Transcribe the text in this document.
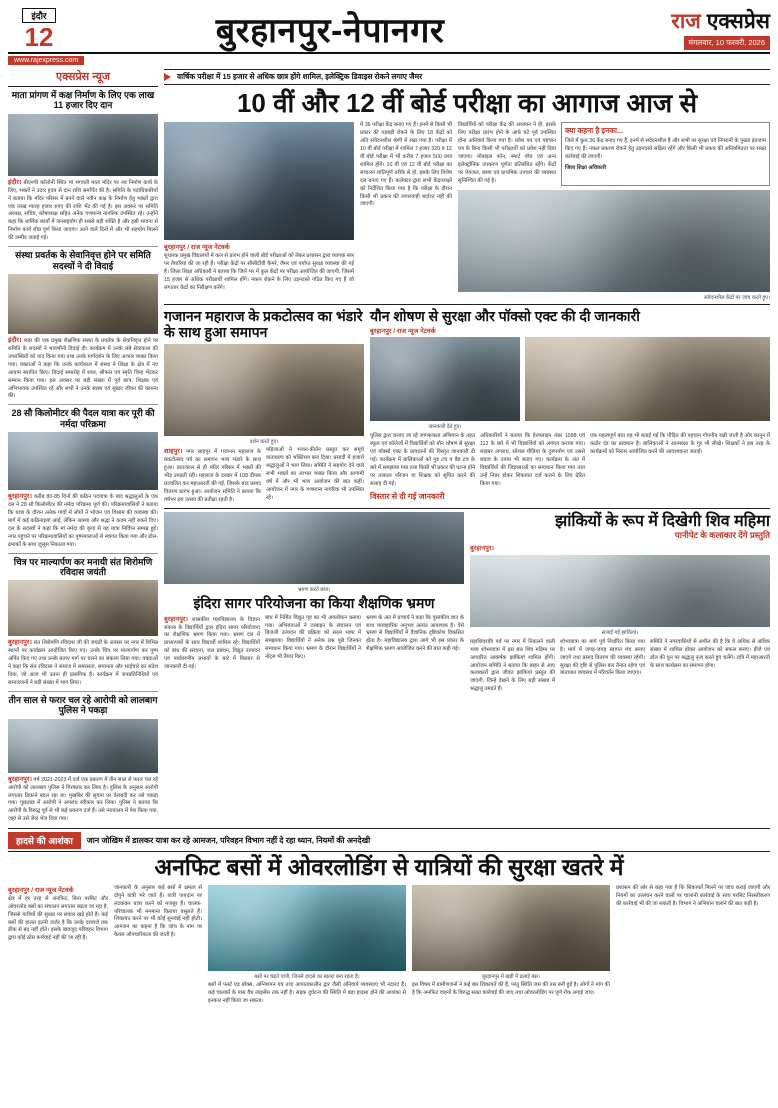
इंदौर
12	बुरहानपुर-नेपानगर	राज एक्सप्रेस
मंगलवार, 10 फरवरी, 2026
www.rajexpress.com
एक्सप्रेस न्यूज
माता प्रांगण में कक्ष निर्माण के लिए एक लाख 11 हजार दिए दान
इंदौर। बीएनपी कॉलोनी स्थित मां भगवती माता मंदिर पर नव निर्माण कार्य के लिए, भक्तों ने उदार हृदय से दान राशि समर्पित की है। समिति के पदाधिकारियों ने बताया कि मंदिर परिसर में बनने वाले नवीन कक्ष के निर्माण हेतु भक्तों द्वारा एक लाख ग्यारह हजार रुपए की राशि भेंट की गई है। इस अवसर पर समिति अध्यक्ष, सचिव, कोषाध्यक्ष सहित अनेक गणमान्य नागरिक उपस्थित रहे। उन्होंने कहा कि धार्मिक कार्यों में जनसहयोग ही सबसे बड़ी शक्ति है और इसी भावना से निर्माण कार्य शीघ्र पूर्ण किया जाएगा। आने वाले दिनों में और भी सहयोग मिलने की उम्मीद जताई गई।
संस्था प्रवर्तक के सेवानिवृत्त होने पर समिति सदस्यों ने दी विदाई
इंदौर। शहर की एक प्रमुख शैक्षणिक संस्था के प्रवर्तक के सेवानिवृत्त होने पर समिति के सदस्यों ने भावभीनी विदाई दी। कार्यक्रम में उनके लंबे सेवाकाल की उपलब्धियों को याद किया गया तथा उनके मार्गदर्शन के लिए आभार व्यक्त किया गया। वक्ताओं ने कहा कि उनके कार्यकाल में संस्था ने शिक्षा के क्षेत्र में नए आयाम स्थापित किए। विदाई समारोह में शाल, श्रीफल एवं स्मृति चिन्ह भेंटकर सम्मान किया गया। इस अवसर पर बड़ी संख्या में पूर्व छात्र, शिक्षक एवं अभिभावक उपस्थित रहे और सभी ने उनके स्वस्थ एवं सुखद जीवन की कामना की।
28 सौ किलोमीटर की पैदल यात्रा कर पूरी की नर्मदा परिक्रमा
बुरहानपुर। करीब 80-85 दिनों की कठिन पदयात्रा के बाद श्रद्धालुओं के एक दल ने 28 सौ किलोमीटर की नर्मदा परिक्रमा पूर्ण की। परिक्रमावासियों ने बताया कि यात्रा के दौरान अनेक गांवों में लोगों ने भोजन एवं विश्राम की व्यवस्था की। मार्ग में कई कठिनाइयां आईं, लेकिन आस्था और श्रद्धा ने कदम नहीं रुकने दिए। दल के सदस्यों ने कहा कि मां नर्मदा की कृपा से यह यात्रा निर्विघ्न सम्पन्न हुई। नगर पहुंचने पर परिक्रमावासियों का पुष्पमालाओं से स्वागत किया गया और ढोल-ढमाकों के साथ जुलूस निकाला गया।
चित्र पर माल्यार्पण कर मनायी संत शिरोमणि रविदास जयंती
बुरहानपुर। संत शिरोमणि रविदास जी की जयंती के अवसर पर नगर में विभिन्न स्थानों पर कार्यक्रम आयोजित किए गए। उनके चित्र पर माल्यार्पण कर पुष्प अर्पित किए गए तथा उनके बताए मार्ग पर चलने का संकल्प लिया गया। वक्ताओं ने कहा कि संत रविदास ने समाज में समरसता, समानता और भाईचारे का संदेश दिया, जो आज भी उतना ही प्रासंगिक है। कार्यक्रम में जनप्रतिनिधियों एवं समाजजनों ने बड़ी संख्या में भाग लिया।
तीन साल से फरार चल रहे आरोपी को लालबाग पुलिस ने पकड़ा
बुरहानपुर। वर्ष 2021-2023 में दर्ज एक प्रकरण में तीन साल से फरार चल रहे आरोपी को लालबाग पुलिस ने गिरफ्तार कर लिया है। पुलिस के अनुसार आरोपी लगातार ठिकाने बदल रहा था। मुखबिर की सूचना पर घेराबंदी कर उसे पकड़ा गया। पूछताछ में आरोपी ने अपराध स्वीकार कर लिया। पुलिस ने बताया कि आरोपी के विरुद्ध पूर्व से भी कई प्रकरण दर्ज हैं। उसे न्यायालय में पेश किया गया, जहां से उसे जेल भेज दिया गया।
वार्षिक परीक्षा में 15 हजार से अधिक छात्र होंगे शामिल, इलेक्ट्रिक डिवाइस रोकने लगाए जैमर
10 वीं और 12 वीं बोर्ड परीक्षा का आगाज आज से
बुरहानपुर / राज न्यूज नेटवर्क
सुधारक प्रमुख विद्यालयों में कल से प्रारंभ होने वाली बोर्ड परीक्षाओं को लेकर प्रशासन द्वारा व्यापक स्तर पर तैयारियां की जा रही हैं। परीक्षा केंद्रों पर सीसीटीवी कैमरे, जैमर एवं पर्याप्त सुरक्षा व्यवस्था की गई है। जिला शिक्षा अधिकारी ने बताया कि जिले भर में कुल केंद्रों पर परीक्षा आयोजित की जाएगी, जिसमें 15 हजार से अधिक परीक्षार्थी शामिल होंगे। नकल रोकने के लिए उड़नदस्ते गठित किए गए हैं जो लगातार केंद्रों का निरीक्षण करेंगे।
में 36 परीक्षा केंद्र बनाए गए हैं। इनमें से किसी भी प्रकार की गड़बड़ी रोकने के लिए 18 केंद्रों को अति संवेदनशील श्रेणी में रखा गया है। परीक्षा में 10 वीं बोर्ड परीक्षा में शामिल 7 हजार 320 व 12 वीं बोर्ड परीक्षा में भी करीब 7 हजार 500 छात्र शामिल होंगे। 10 वीं एवं 12 वीं बोर्ड परीक्षा का संचालन शांतिपूर्ण तरीके से हो, इसके लिए विशेष दल बनाए गए हैं। कलेक्टर द्वारा सभी केंद्राध्यक्षों को निर्देशित किया गया है कि परीक्षा के दौरान किसी भी प्रकार की लापरवाही बर्दाश्त नहीं की जाएगी।
विद्यार्थियों को परीक्षा केंद्र की अध्ययन ने ही, इसके लिए परीक्षा प्रारंभ होने के आधे घंटे पूर्व उपस्थित होना अनिवार्य किया गया है। प्रवेश पत्र एवं पहचान पत्र के बिना किसी भी परीक्षार्थी को प्रवेश नहीं दिया जाएगा। मोबाइल फोन, स्मार्ट वॉच एवं अन्य इलेक्ट्रॉनिक उपकरण पूर्णतः प्रतिबंधित रहेंगे। केंद्रों पर पेयजल, छाया एवं प्राथमिक उपचार की व्यवस्था सुनिश्चित की गई है।
क्या कहना है इनका...
जिले में कुल 36 केंद्र बनाए गए हैं, इनमें से संवेदनशील हैं और सभी पर सुरक्षा एवं निगरानी के पुख्ता इंतजाम किए गए हैं। नकल प्रकरण रोकने हेतु उड़नदस्ते सक्रिय रहेंगे और किसी भी प्रकार की अनियमितता पर सख्त कार्रवाई की जाएगी।
जिला शिक्षा अधिकारी
संवेदनशील केंद्रों पर जांच करते हुए।
गजानन महाराज के प्रकटोत्सव का भंडारे के साथ हुआ समापन
दर्शन करते हुए।
शाहपुर। नगर साहपुर में गजानन महाराज के प्रकटोत्सव पर्व का समापन भव्य भंडारे के साथ हुआ। प्रातःकाल से ही मंदिर परिसर में भक्तों की भीड़ उमड़ती रही। महाराज के दरबार में 108 दीपक प्रज्वलित कर महाआरती की गई, जिसके बाद प्रसाद वितरण प्रारंभ हुआ। आयोजन समिति ने बताया कि वर्षभर इस उत्सव की प्रतीक्षा रहती है।
महिलाओं ने भजन-कीर्तन प्रस्तुत कर समूचे वातावरण को भक्तिमय बना दिया। प्रसादी में हजारों श्रद्धालुओं ने भाग लिया। समिति ने सहयोग देने वाले सभी भक्तों का आभार व्यक्त किया और आगामी वर्ष में और भी भव्य आयोजन की बात कही। आयोजन में नगर के गणमान्य नागरिक भी उपस्थित रहे।
यौन शोषण से सुरक्षा और पॉक्सो एक्ट की दी जानकारी
बुरहानपुर / राज न्यूज नेटवर्क
जानकारी देते हुए।
पुलिस द्वारा चलाए जा रहे जागरूकता अभियान के तहत स्कूल एवं कॉलेजों में विद्यार्थियों को यौन शोषण से सुरक्षा एवं पॉक्सो एक्ट के प्रावधानों की विस्तृत जानकारी दी गई। कार्यक्रम में बालिकाओं को गुड टच व बैड टच के बारे में समझाया गया तथा किसी भी प्रकार की घटना होने पर तत्काल परिजन या शिक्षक को सूचित करने की सलाह दी गई।
विस्तार से दी गई जानकारी
अधिकारियों ने बताया कि हेल्पलाइन नंबर 1098 एवं 112 के बारे में भी विद्यार्थियों को अवगत कराया गया। साइबर अपराध, सोशल मीडिया के दुरुपयोग एवं उससे बचाव के उपाय भी बताए गए। कार्यक्रम के अंत में विद्यार्थियों की जिज्ञासाओं का समाधान किया गया तथा उन्हें निडर होकर शिकायत दर्ज कराने के लिए प्रेरित किया गया।
एक महत्वपूर्ण बात यह भी बताई गई कि पीड़ित की पहचान गोपनीय रखी जाती है और कानून में कठोर दंड का प्रावधान है। बालिकाओं ने आत्मरक्षा के गुर भी सीखे। शिक्षकों ने इस तरह के कार्यक्रमों को निरंतर आयोजित करने की आवश्यकता जताई।
भ्रमण करते छात्र।
इंदिरा सागर परियोजना का किया शैक्षणिक भ्रमण
बुरहानपुर। शासकीय महाविद्यालय के विज्ञान संकाय के विद्यार्थियों द्वारा इंदिरा सागर परियोजना का शैक्षणिक भ्रमण किया गया। भ्रमण दल में प्राध्यापकों के साथ विद्यार्थी शामिल रहे। विद्यार्थियों को बांध की संरचना, जल प्रबंधन, विद्युत उत्पादन एवं पर्यावरणीय प्रभावों के बारे में विस्तार से जानकारी दी गई।
बांध में निर्मित विद्युत गृह का भी अवलोकन कराया गया। अभियंताओं ने टरबाइन के संचालन एवं बिजली उत्पादन की प्रक्रिया को सरल भाषा में समझाया। विद्यार्थियों ने अनेक प्रश्न पूछे जिनका समाधान किया गया। भ्रमण के दौरान विद्यार्थियों ने नोट्स भी तैयार किए।
भ्रमण के अंत में प्राचार्य ने कहा कि पुस्तकीय ज्ञान के साथ व्यावहारिक अनुभव अत्यंत आवश्यक है। ऐसे भ्रमण से विद्यार्थियों में वैज्ञानिक दृष्टिकोण विकसित होता है। महाविद्यालय द्वारा आगे भी इस प्रकार के शैक्षणिक भ्रमण आयोजित करने की बात कही गई।
झांकियों के रूप में दिखेगी शिव महिमा
पानीपेट के कलाकार देंगे प्रस्तुति
बुरहानपुर।
सजाई गई झांकियां।
महाशिवरात्रि पर्व पर नगर में निकलने वाली भव्य शोभायात्रा में इस बार शिव महिमा पर आधारित आकर्षक झांकियां शामिल होंगी। आयोजन समिति ने बताया कि बाहर से आए कलाकारों द्वारा जीवंत झांकियां प्रस्तुत की जाएंगी, जिन्हें देखने के लिए बड़ी संख्या में श्रद्धालु उमड़ते हैं।
शोभायात्रा का मार्ग पूर्व निर्धारित किया गया है। मार्ग में जगह-जगह स्वागत मंच बनाए जाएंगे तथा प्रसाद वितरण की व्यवस्था रहेगी। सुरक्षा की दृष्टि से पुलिस बल तैनात रहेगा एवं यातायात व्यवस्था में परिवर्तन किया जाएगा।
समिति ने नगरवासियों से अपील की है कि वे अधिक से अधिक संख्या में शामिल होकर आयोजन को सफल बनाएं। डीजे एवं ढोल की धुन पर श्रद्धालु नृत्य करते हुए चलेंगे। रात्रि में महाआरती के साथ कार्यक्रम का समापन होगा।
हादसे की आशंका	जान जोखिम में डालकर यात्रा कर रहे आमजन, परिवहन विभाग नहीं दे रहा ध्यान, नियमों की अनदेखी
अनफिट बसों में ओवरलोडिंग से यात्रियों की सुरक्षा खतरे में
बुरहानपुर / राज न्यूज नेटवर्क
क्षेत्र में हर तरह से अनफिट, बिना परमिट और ओवरलोड बसों का संचालन लगातार बढ़ता जा रहा है, जिससे यात्रियों की सुरक्षा पर सवाल खड़े होते हैं। कई बसों की हालत इतनी जर्जर है कि उनके दरवाजे तक ठीक से बंद नहीं होते। इसके बावजूद परिवहन विभाग द्वारा कोई ठोस कार्रवाई नहीं की जा रही है।
जानकारी के अनुसार कई बसों में क्षमता से दोगुने यात्री भरे जाते हैं। यात्री पायदान पर लटककर यात्रा करने को मजबूर हैं। चालक-परिचालक भी मनमाना किराया वसूलते हैं। शिकायत करने पर भी कोई सुनवाई नहीं होती। आमजन का कहना है कि जांच के नाम पर केवल औपचारिकता की जाती है।
बसों पर चढ़ते यात्री, जिनसे हादसे का खतरा बना रहता है।
बसों में फर्स्ट एड बॉक्स, अग्निशमन यंत्र तथा आपातकालीन द्वार जैसी अनिवार्य व्यवस्थाएं भी नदारद हैं। कई चालकों के पास वैध लाइसेंस तक नहीं है। सड़क दुर्घटना की स्थिति में बड़ा हादसा होने की आशंका से इनकार नहीं किया जा सकता।
बुरहानपुर में खड़ी में ढलाई बस।
इस विषय में ग्रामीणजनों ने कई बार शिकायतें की हैं, परंतु स्थिति जस की तस बनी हुई है। लोगों ने मांग की है कि अनफिट वाहनों के विरुद्ध सख्त कार्रवाई की जाए तथा ओवरलोडिंग पर पूर्ण रोक लगाई जाए।
प्रशासन की ओर से कहा गया है कि शिकायतें मिलने पर जांच कराई जाएगी और नियमों का उल्लंघन करने वालों पर चालानी कार्रवाई के साथ परमिट निरस्तीकरण की कार्रवाई भी की जा सकती है। विभाग ने अभियान चलाने की बात कही है।
